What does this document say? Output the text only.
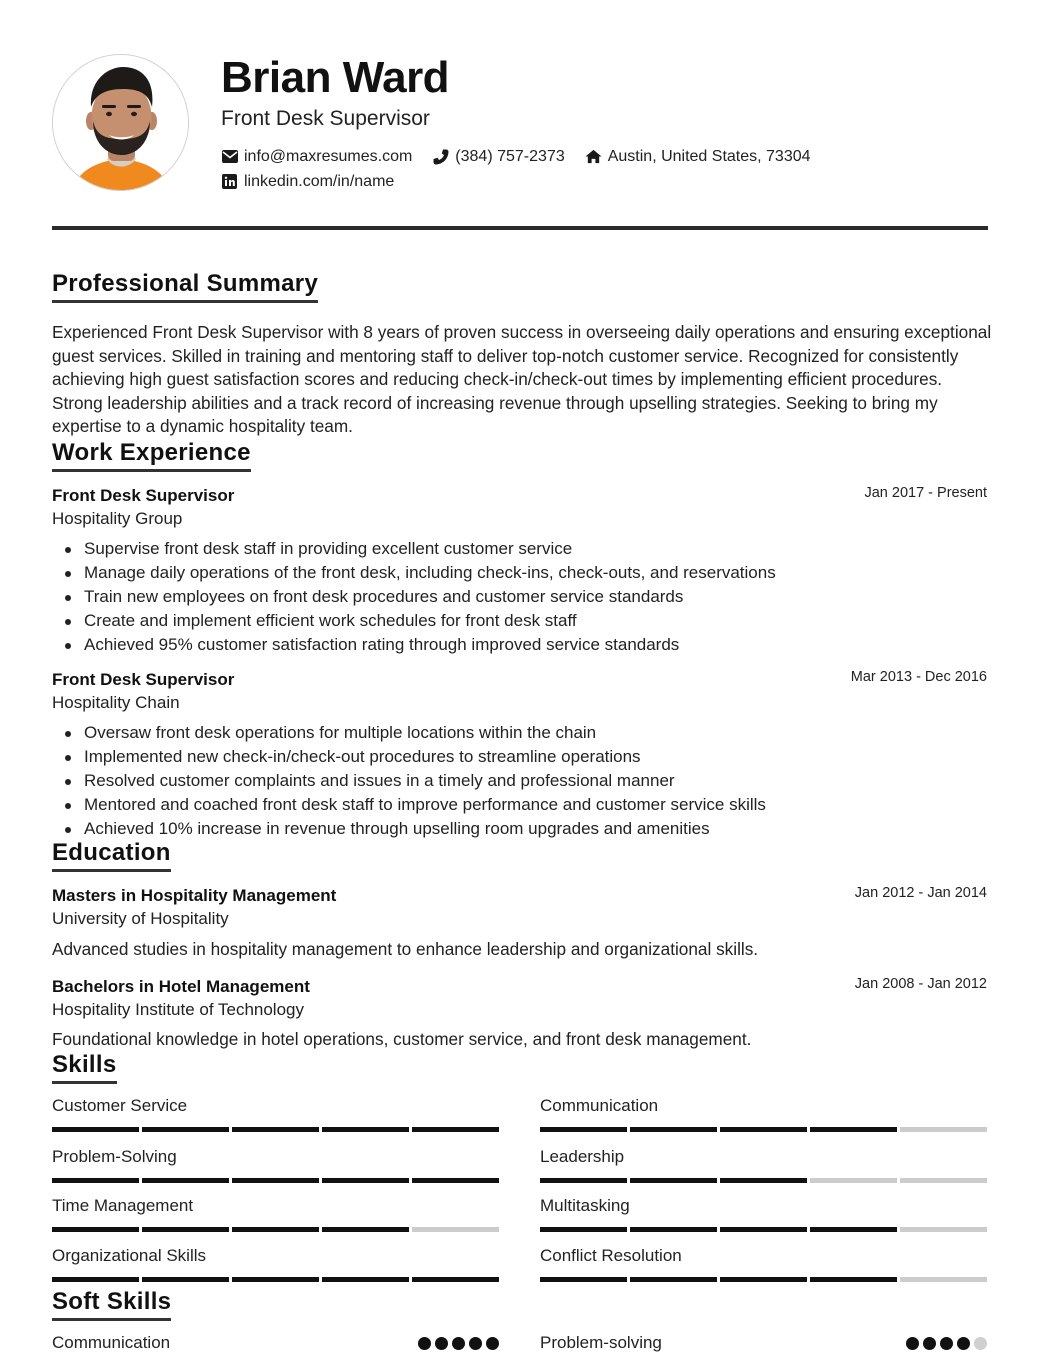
Brian Ward
Front Desk Supervisor
info@maxresumes.com	(384) 757-2373	Austin, United States, 73304
linkedin.com/in/name
Professional Summary
Experienced Front Desk Supervisor with 8 years of proven success in overseeing daily operations and ensuring exceptional guest services. Skilled in training and mentoring staff to deliver top-notch customer service. Recognized for consistently achieving high guest satisfaction scores and reducing check-in/check-out times by implementing efficient procedures. Strong leadership abilities and a track record of increasing revenue through upselling strategies. Seeking to bring my expertise to a dynamic hospitality team.
Work Experience
Front Desk Supervisor	Jan 2017 - Present
Hospitality Group
Supervise front desk staff in providing excellent customer service
Manage daily operations of the front desk, including check-ins, check-outs, and reservations
Train new employees on front desk procedures and customer service standards
Create and implement efficient work schedules for front desk staff
Achieved 95% customer satisfaction rating through improved service standards
Front Desk Supervisor	Mar 2013 - Dec 2016
Hospitality Chain
Oversaw front desk operations for multiple locations within the chain
Implemented new check-in/check-out procedures to streamline operations
Resolved customer complaints and issues in a timely and professional manner
Mentored and coached front desk staff to improve performance and customer service skills
Achieved 10% increase in revenue through upselling room upgrades and amenities
Education
Masters in Hospitality Management	Jan 2012 - Jan 2014
University of Hospitality
Advanced studies in hospitality management to enhance leadership and organizational skills.
Bachelors in Hotel Management	Jan 2008 - Jan 2012
Hospitality Institute of Technology
Foundational knowledge in hotel operations, customer service, and front desk management.
Skills
Customer Service	Communication
Problem-Solving	Leadership
Time Management	Multitasking
Organizational Skills	Conflict Resolution
Soft Skills
Communication	Problem-solving
